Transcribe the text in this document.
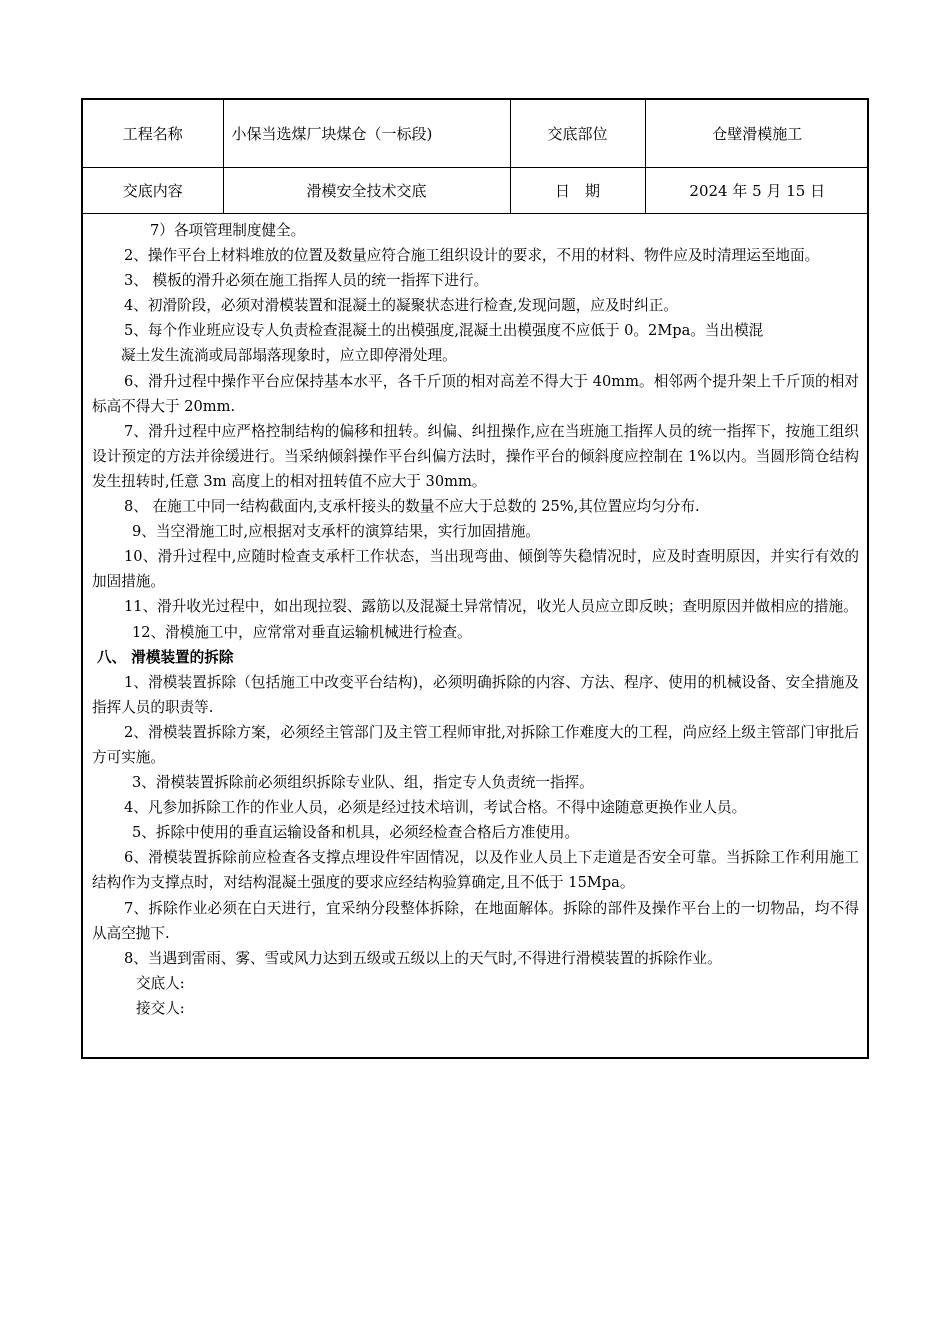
工程名称	小保当选煤厂块煤仓（一标段)	交底部位	仓壁滑模施工
交底内容	滑模安全技术交底	日　期	2024 年 5 月 15 日

7）各项管理制度健全。

2、操作平台上材料堆放的位置及数量应符合施工组织设计的要求，不用的材料、物件应及时清理运至地面。

3、 模板的滑升必须在施工指挥人员的统一指挥下进行。

4、初滑阶段，必须对滑模装置和混凝土的凝聚状态进行检查,发现问题，应及时纠正。

5、每个作业班应设专人负责检查混凝土的出模强度,混凝土出模强度不应低于 0。2Mpa。当出模混

凝土发生流淌或局部塌落现象时，应立即停滑处理。

6、滑升过程中操作平台应保持基本水平，各千斤顶的相对高差不得大于 40mm。相邻两个提升架上千斤顶的相对标高不得大于 20mm.

7、滑升过程中应严格控制结构的偏移和扭转。纠偏、纠扭操作,应在当班施工指挥人员的统一指挥下，按施工组织设计预定的方法并徐缓进行。当采纳倾斜操作平台纠偏方法时，操作平台的倾斜度应控制在 1%以内。当圆形筒仓结构发生扭转时,任意 3m 高度上的相对扭转值不应大于 30mm。

8、 在施工中同一结构截面内,支承杆接头的数量不应大于总数的 25%,其位置应均匀分布.

9、当空滑施工时,应根据对支承杆的演算结果，实行加固措施。

10、滑升过程中,应随时检查支承杆工作状态，当出现弯曲、倾倒等失稳情况时，应及时查明原因，并实行有效的加固措施。

11、滑升收光过程中，如出现拉裂、露筋以及混凝土异常情况，收光人员应立即反映；查明原因并做相应的措施。

12、滑模施工中，应常常对垂直运输机械进行检查。

八、 滑模装置的拆除

1、滑模装置拆除（包括施工中改变平台结构)，必须明确拆除的内容、方法、程序、使用的机械设备、安全措施及指挥人员的职责等.

2、滑模装置拆除方案，必须经主管部门及主管工程师审批,对拆除工作难度大的工程，尚应经上级主管部门审批后方可实施。

3、滑模装置拆除前必须组织拆除专业队、组，指定专人负责统一指挥。

4、凡参加拆除工作的作业人员，必须是经过技术培训，考试合格。不得中途随意更换作业人员。

5、拆除中使用的垂直运输设备和机具，必须经检查合格后方准使用。

6、滑模装置拆除前应检查各支撑点埋设件牢固情况，以及作业人员上下走道是否安全可靠。当拆除工作利用施工结构作为支撑点时，对结构混凝土强度的要求应经结构验算确定,且不低于 15Mpa。

7、拆除作业必须在白天进行，宜采纳分段整体拆除，在地面解体。拆除的部件及操作平台上的一切物品，均不得从高空抛下.

8、当遇到雷雨、雾、雪或风力达到五级或五级以上的天气时,不得进行滑模装置的拆除作业。

交底人:

接交人:
